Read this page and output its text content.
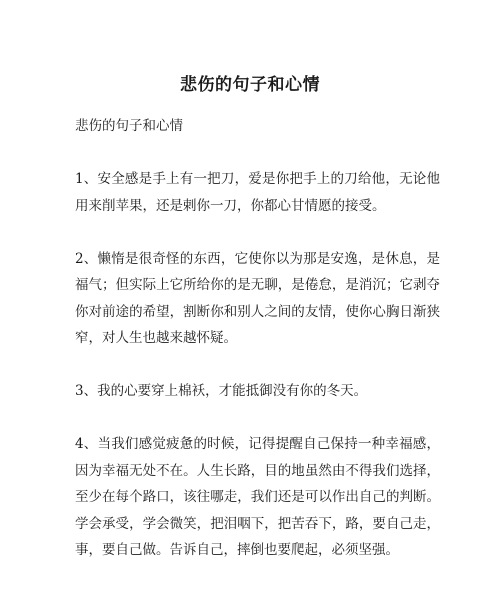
悲伤的句子和心情

悲伤的句子和心情

1、安全感是手上有一把刀，爱是你把手上的刀给他，无论他用来削苹果，还是剌你一刀，你都心甘情愿的接受。

2、懒惰是很奇怪的东西，它使你以为那是安逸，是休息，是福气；但实际上它所给你的是无聊，是倦怠，是消沉；它剥夺你对前途的希望，割断你和别人之间的友情，使你心胸日渐狭窄，对人生也越来越怀疑。

3、我的心要穿上棉袄，才能抵御没有你的冬天。

4、当我们感觉疲惫的时候，记得提醒自己保持一种幸福感，因为幸福无处不在。人生长路，目的地虽然由不得我们选择，至少在每个路口，该往哪走，我们还是可以作出自己的判断。学会承受，学会微笑，把泪咽下，把苦吞下，路，要自己走，事，要自己做。告诉自己，摔倒也要爬起，必须坚强。
